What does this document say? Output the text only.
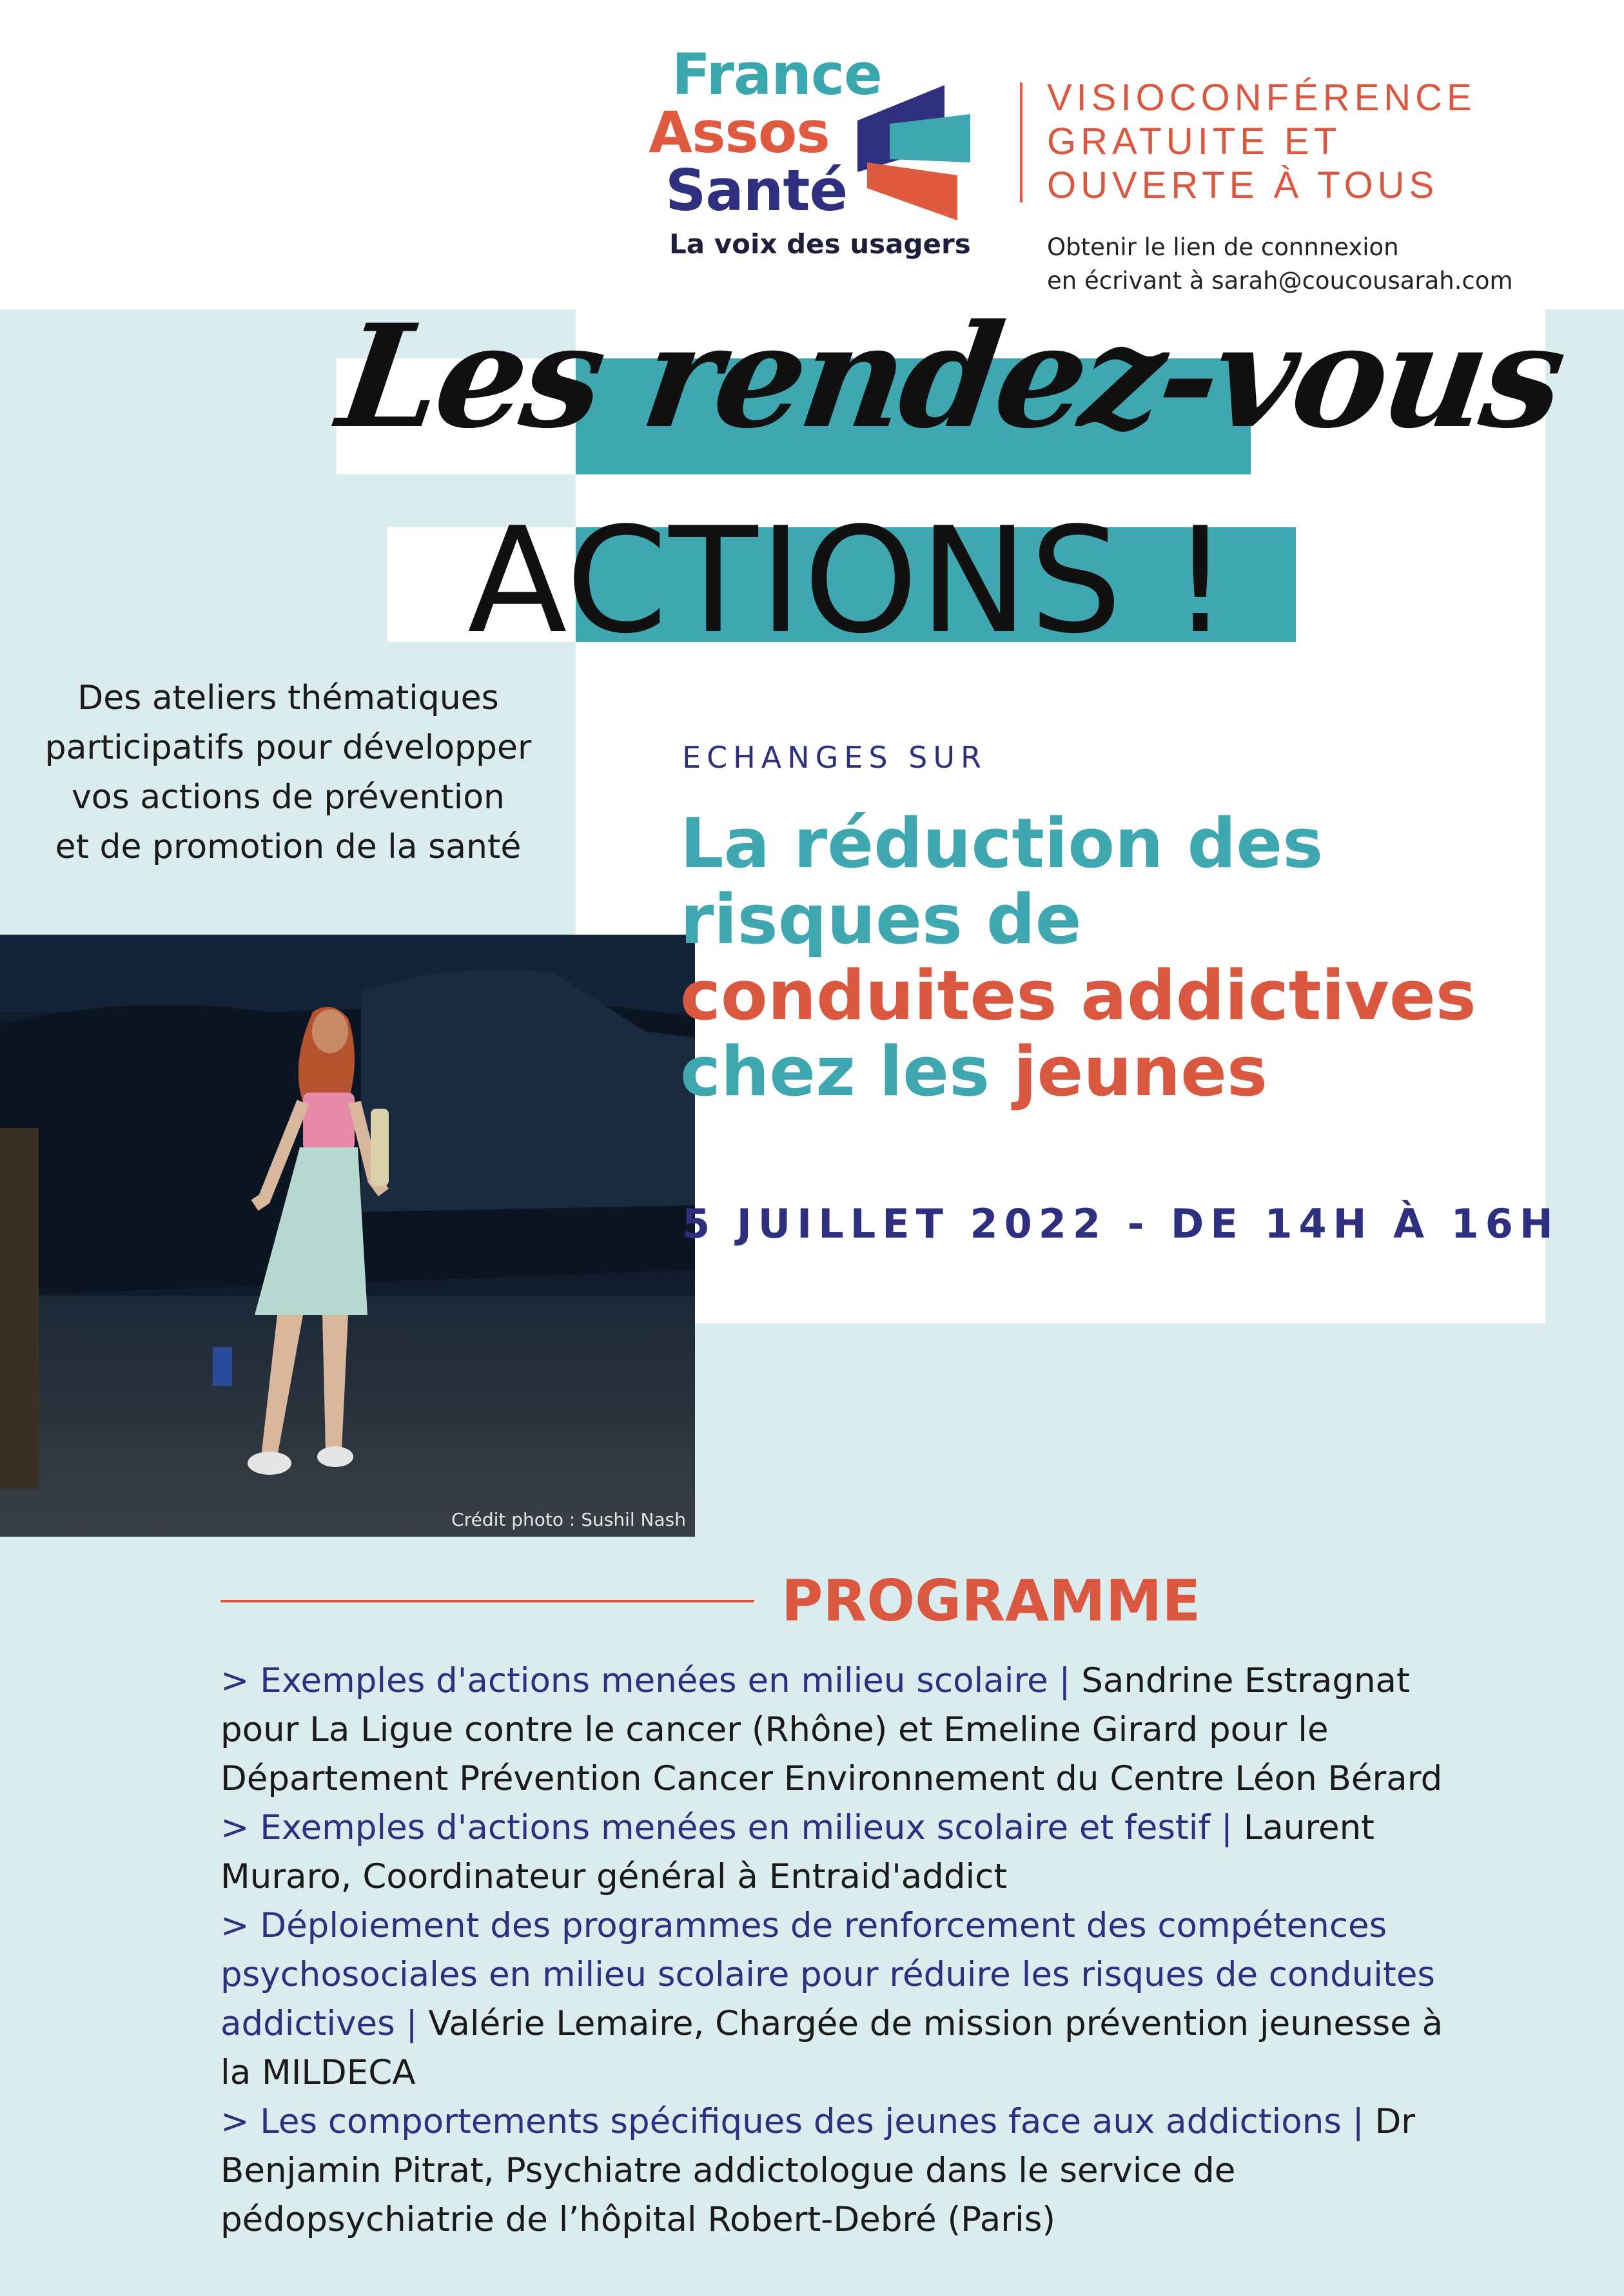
France
Assos
Santé
La voix des usagers
VISIOCONFÉRENCE
GRATUITE ET
OUVERTE À TOUS
Obtenir le lien de connnexion
en écrivant à sarah@coucousarah.com
Les rendez-vous
ACTIONS !
Des ateliers thématiques
participatifs pour développer
vos actions de prévention
et de promotion de la santé
Crédit photo : Sushil Nash
ECHANGES SUR
La réduction des
risques de
conduites addictives
chez les jeunes
5 JUILLET 2022 - DE 14H À 16H
PROGRAMME
> Exemples d'actions menées en milieu scolaire | Sandrine Estragnat pour La Ligue contre le cancer (Rhône) et Emeline Girard pour le Département Prévention Cancer Environnement du Centre Léon Bérard
> Exemples d'actions menées en milieux scolaire et festif | Laurent Muraro, Coordinateur général à Entraid'addict
> Déploiement des programmes de renforcement des compétences psychosociales en milieu scolaire pour réduire les risques de conduites addictives | Valérie Lemaire, Chargée de mission prévention jeunesse à la MILDECA
> Les comportements spécifiques des jeunes face aux addictions | Dr Benjamin Pitrat, Psychiatre addictologue dans le service de pédopsychiatrie de l’hôpital Robert-Debré (Paris)
